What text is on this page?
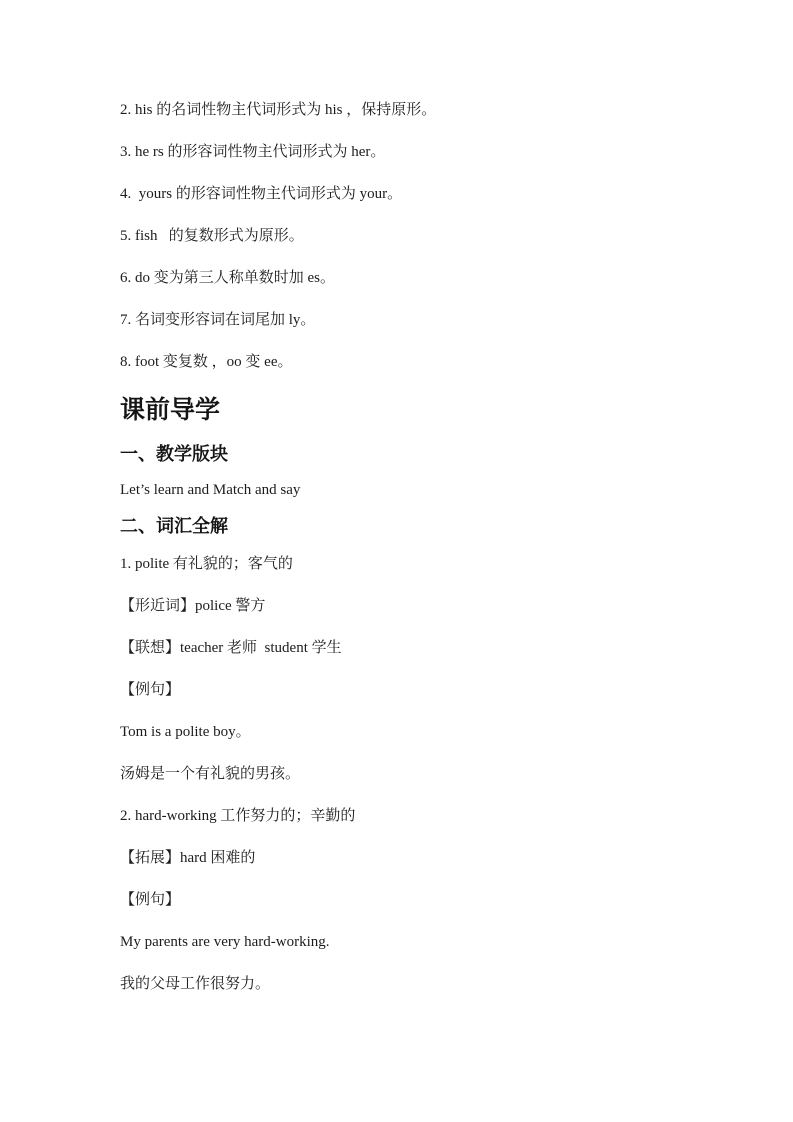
2. his 的名词性物主代词形式为 his ，保持原形。

3. he rs 的形容词性物主代词形式为 her。

4.  yours 的形容词性物主代词形式为 your。

5. fish   的复数形式为原形。

6. do 变为第三人称单数时加 es。

7. 名词变形容词在词尾加 ly。

8. foot 变复数 ，oo 变 ee。

课前导学
一、教学版块

Let’s learn and Match and say

二、词汇全解

1. polite 有礼貌的；客气的

【形近词】police 警方

【联想】teacher 老师  student 学生

【例句】

Tom is a polite boy。

汤姆是一个有礼貌的男孩。

2. hard-working 工作努力的；辛勤的

【拓展】hard 困难的

【例句】

My parents are very hard-working.

我的父母工作很努力。
